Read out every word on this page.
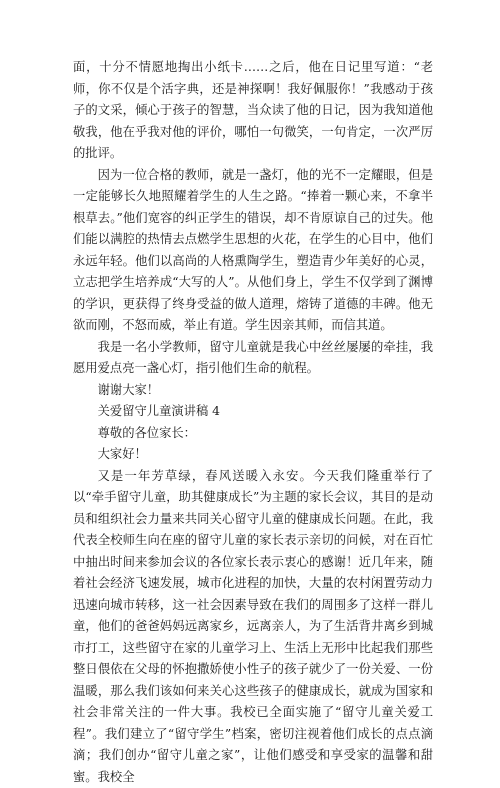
面，十分不情愿地掏出小纸卡……之后，他在日记里写道：“老师，你不仅是个活字典，还是神探啊！我好佩服你！”我感动于孩子的文采，倾心于孩子的智慧，当众读了他的日记，因为我知道他敬我，他在乎我对他的评价，哪怕一句微笑，一句肯定，一次严厉的批评。

因为一位合格的教师，就是一盏灯，他的光不一定耀眼，但是一定能够长久地照耀着学生的人生之路。“捧着一颗心来，不拿半根草去。”他们宽容的纠正学生的错误，却不肯原谅自己的过失。他们能以满腔的热情去点燃学生思想的火花，在学生的心目中，他们永远年轻。他们以高尚的人格熏陶学生，塑造青少年美好的心灵，立志把学生培养成“大写的人”。从他们身上，学生不仅学到了渊博的学识，更获得了终身受益的做人道理，熔铸了道德的丰碑。他无欲而刚，不怒而威，举止有道。学生因亲其师，而信其道。

我是一名小学教师，留守儿童就是我心中丝丝屡屡的牵挂，我愿用爱点亮一盏心灯，指引他们生命的航程。

谢谢大家！

关爱留守儿童演讲稿 4

尊敬的各位家长：

大家好！

又是一年芳草绿，春风送暖入永安。今天我们隆重举行了以“牵手留守儿童，助其健康成长”为主题的家长会议，其目的是动员和组织社会力量来共同关心留守儿童的健康成长问题。在此，我代表全校师生向在座的留守儿童的家长表示亲切的问候，对在百忙中抽出时间来参加会议的各位家长表示衷心的感谢！近几年来，随着社会经济飞速发展，城市化进程的加快，大量的农村闲置劳动力迅速向城市转移，这一社会因素导致在我们的周围多了这样一群儿童，他们的爸爸妈妈远离家乡，远离亲人，为了生活背井离乡到城市打工，这些留守在家的儿童学习上、生活上无形中比起我们那些整日偎依在父母的怀抱撒娇使小性子的孩子就少了一份关爱、一份温暖，那么我们该如何来关心这些孩子的健康成长，就成为国家和社会非常关注的一件大事。我校已全面实施了“留守儿童关爱工程”。我们建立了“留守学生”档案，密切注视着他们成长的点点滴滴；我们创办“留守儿童之家”，让他们感受和享受家的温馨和甜蜜。我校全
